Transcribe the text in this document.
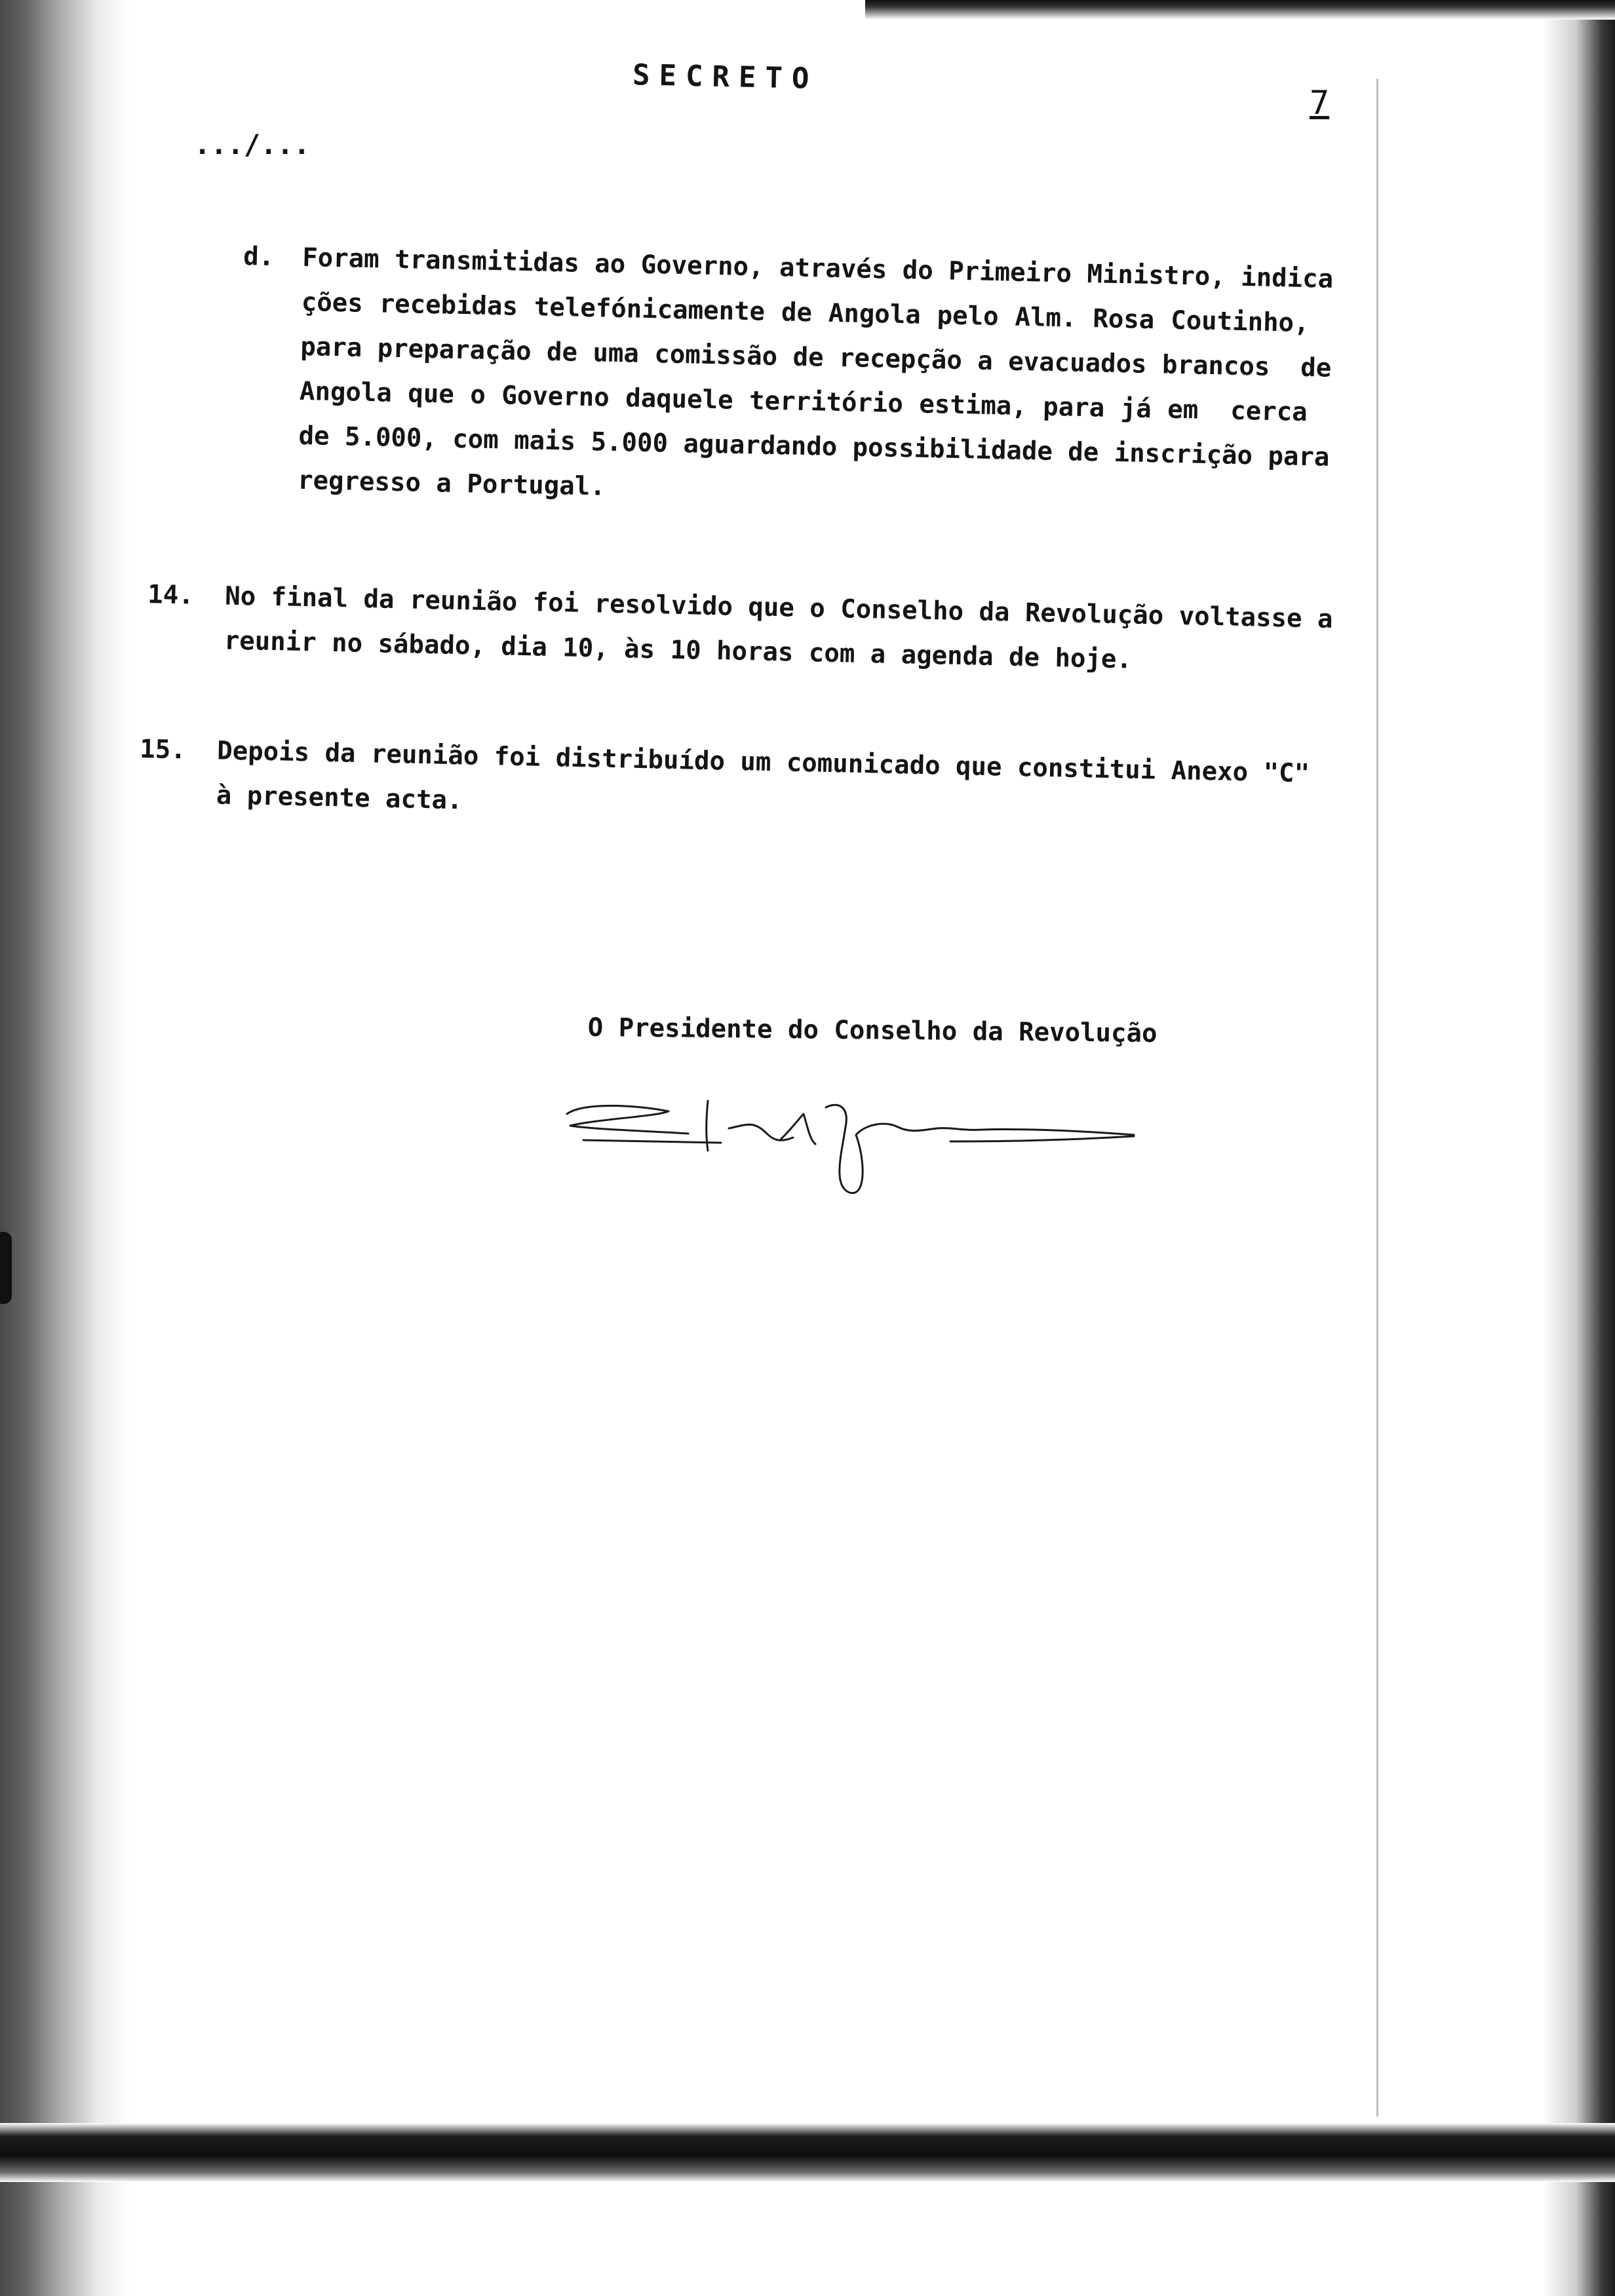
SECRETO
7
.../...
d. Foram transmitidas ao Governo, através do Primeiro Ministro, indica
ções recebidas telefónicamente de Angola pelo Alm. Rosa Coutinho,
para preparação de uma comissão de recepção a evacuados brancos  de
Angola que o Governo daquele território estima, para já em  cerca
de 5.000, com mais 5.000 aguardando possibilidade de inscrição para
regresso a Portugal.
14. No final da reunião foi resolvido que o Conselho da Revolução voltasse a
reunir no sábado, dia 10, às 10 horas com a agenda de hoje.
15. Depois da reunião foi distribuído um comunicado que constitui Anexo "C"
à presente acta.
O Presidente do Conselho da Revolução
